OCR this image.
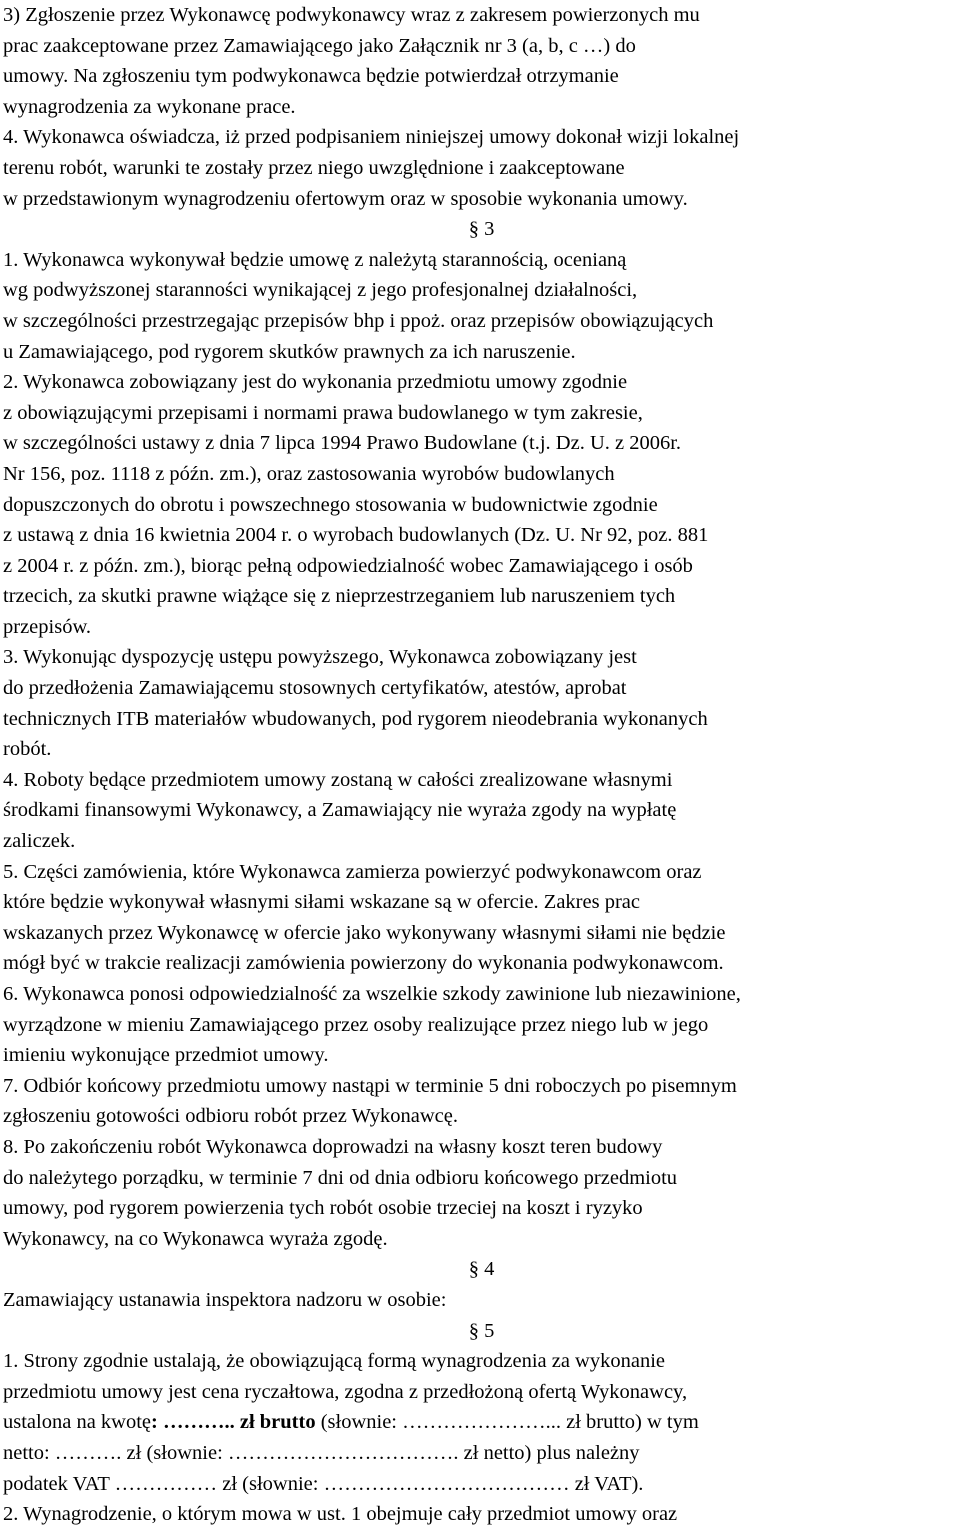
3) Zgłoszenie przez Wykonawcę podwykonawcy wraz z zakresem powierzonych mu
prac zaakceptowane przez Zamawiającego jako Załącznik nr 3 (a, b, c …) do
umowy. Na zgłoszeniu tym podwykonawca będzie potwierdzał otrzymanie
wynagrodzenia za wykonane prace.
4. Wykonawca oświadcza, iż przed podpisaniem niniejszej umowy dokonał wizji lokalnej
terenu robót, warunki te zostały przez niego uwzględnione i zaakceptowane
w przedstawionym wynagrodzeniu ofertowym oraz w sposobie wykonania umowy.
§ 3
1. Wykonawca wykonywał będzie umowę z należytą starannością, ocenianą
wg podwyższonej staranności wynikającej z jego profesjonalnej działalności,
w szczególności przestrzegając przepisów bhp i ppoż. oraz przepisów obowiązujących
u Zamawiającego, pod rygorem skutków prawnych za ich naruszenie.
2. Wykonawca zobowiązany jest do wykonania przedmiotu umowy zgodnie
z obowiązującymi przepisami i normami prawa budowlanego w tym zakresie,
w szczególności ustawy z dnia 7 lipca 1994 Prawo Budowlane (t.j. Dz. U. z 2006r.
Nr 156, poz. 1118 z późn. zm.), oraz zastosowania wyrobów budowlanych
dopuszczonych do obrotu i powszechnego stosowania w budownictwie zgodnie
z ustawą z dnia 16 kwietnia 2004 r. o wyrobach budowlanych (Dz. U. Nr 92, poz. 881
z 2004 r. z późn. zm.), biorąc pełną odpowiedzialność wobec Zamawiającego i osób
trzecich, za skutki prawne wiążące się z nieprzestrzeganiem lub naruszeniem tych
przepisów.
3. Wykonując dyspozycję ustępu powyższego, Wykonawca zobowiązany jest
do przedłożenia Zamawiającemu stosownych certyfikatów, atestów, aprobat
technicznych ITB materiałów wbudowanych, pod rygorem nieodebrania wykonanych
robót.
4. Roboty będące przedmiotem umowy zostaną w całości zrealizowane własnymi
środkami finansowymi Wykonawcy, a Zamawiający nie wyraża zgody na wypłatę
zaliczek.
5. Części zamówienia, które Wykonawca zamierza powierzyć podwykonawcom oraz
które będzie wykonywał własnymi siłami wskazane są w ofercie. Zakres prac
wskazanych przez Wykonawcę w ofercie jako wykonywany własnymi siłami nie będzie
mógł być w trakcie realizacji zamówienia powierzony do wykonania podwykonawcom.
6. Wykonawca ponosi odpowiedzialność za wszelkie szkody zawinione lub niezawinione,
wyrządzone w mieniu Zamawiającego przez osoby realizujące przez niego lub w jego
imieniu wykonujące przedmiot umowy.
7. Odbiór końcowy przedmiotu umowy nastąpi w terminie 5 dni roboczych po pisemnym
zgłoszeniu gotowości odbioru robót przez Wykonawcę.
8. Po zakończeniu robót Wykonawca doprowadzi na własny koszt teren budowy
do należytego porządku, w terminie 7 dni od dnia odbioru końcowego przedmiotu
umowy, pod rygorem powierzenia tych robót osobie trzeciej na koszt i ryzyko
Wykonawcy, na co Wykonawca wyraża zgodę.
§ 4
Zamawiający ustanawia inspektora nadzoru w osobie:
§ 5
1. Strony zgodnie ustalają, że obowiązującą formą wynagrodzenia za wykonanie
przedmiotu umowy jest cena ryczałtowa, zgodna z przedłożoną ofertą Wykonawcy,
ustalona na kwotę: ……….. zł brutto (słownie: …………………... zł brutto) w tym
netto: ………. zł (słownie: ……………………………. zł netto) plus należny
podatek VAT …………… zł (słownie: ……………………………… zł VAT).
2. Wynagrodzenie, o którym mowa w ust. 1 obejmuje cały przedmiot umowy oraz
